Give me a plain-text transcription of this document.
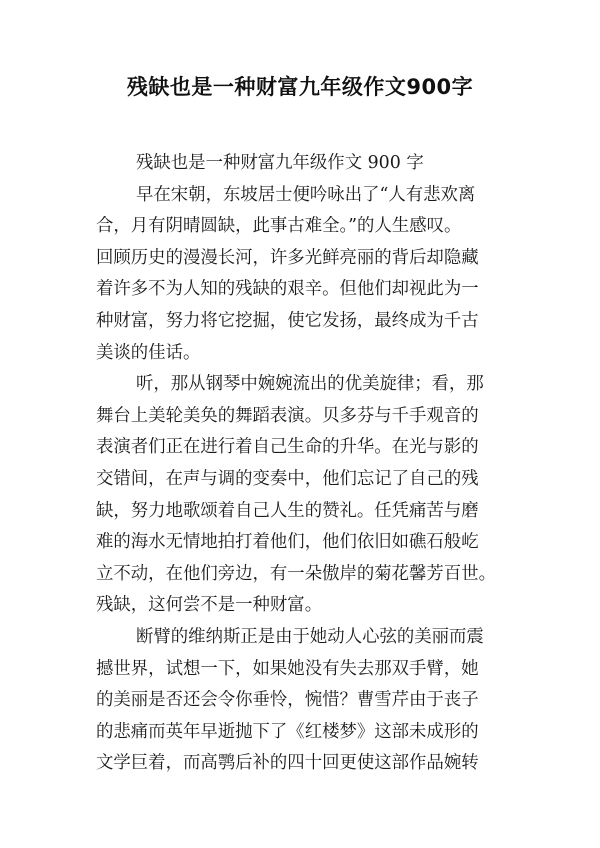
残缺也是一种财富九年级作文900字
残缺也是一种财富九年级作文 900 字
早在宋朝，东坡居士便吟咏出了“人有悲欢离
合，月有阴晴圆缺，此事古难全。”的人生感叹。
回顾历史的漫漫长河，许多光鲜亮丽的背后却隐藏
着许多不为人知的残缺的艰辛。但他们却视此为一
种财富，努力将它挖掘，使它发扬，最终成为千古
美谈的佳话。
听，那从钢琴中婉婉流出的优美旋律；看，那
舞台上美轮美奂的舞蹈表演。贝多芬与千手观音的
表演者们正在进行着自己生命的升华。在光与影的
交错间，在声与调的变奏中，他们忘记了自己的残
缺，努力地歌颂着自己人生的赞礼。任凭痛苦与磨
难的海水无情地拍打着他们，他们依旧如礁石般屹
立不动，在他们旁边，有一朵傲岸的菊花馨芳百世。
残缺，这何尝不是一种财富。
断臂的维纳斯正是由于她动人心弦的美丽而震
撼世界，试想一下，如果她没有失去那双手臂，她
的美丽是否还会令你垂怜，惋惜？曹雪芹由于丧子
的悲痛而英年早逝抛下了《红楼梦》这部未成形的
文学巨着，而高鹗后补的四十回更使这部作品婉转
